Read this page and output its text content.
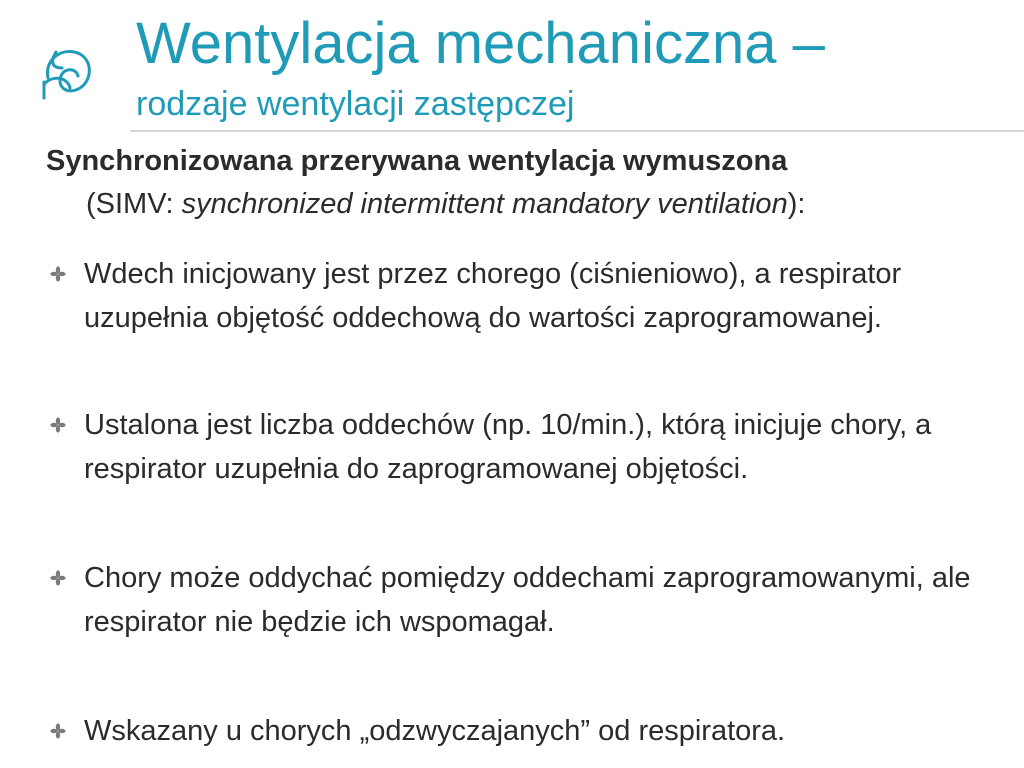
Wentylacja mechaniczna –
rodzaje wentylacji zastępczej
Synchronizowana przerywana wentylacja wymuszona
(SIMV: synchronized intermittent mandatory ventilation):
Wdech inicjowany jest przez chorego (ciśnieniowo), a respirator uzupełnia objętość oddechową do wartości zaprogramowanej.
Ustalona jest liczba oddechów (np. 10/min.), którą inicjuje chory, a respirator uzupełnia do zaprogramowanej objętości.
Chory może oddychać pomiędzy oddechami zaprogramowanymi, ale respirator nie będzie ich wspomagał.
Wskazany u chorych „odzwyczajanych” od respiratora.
